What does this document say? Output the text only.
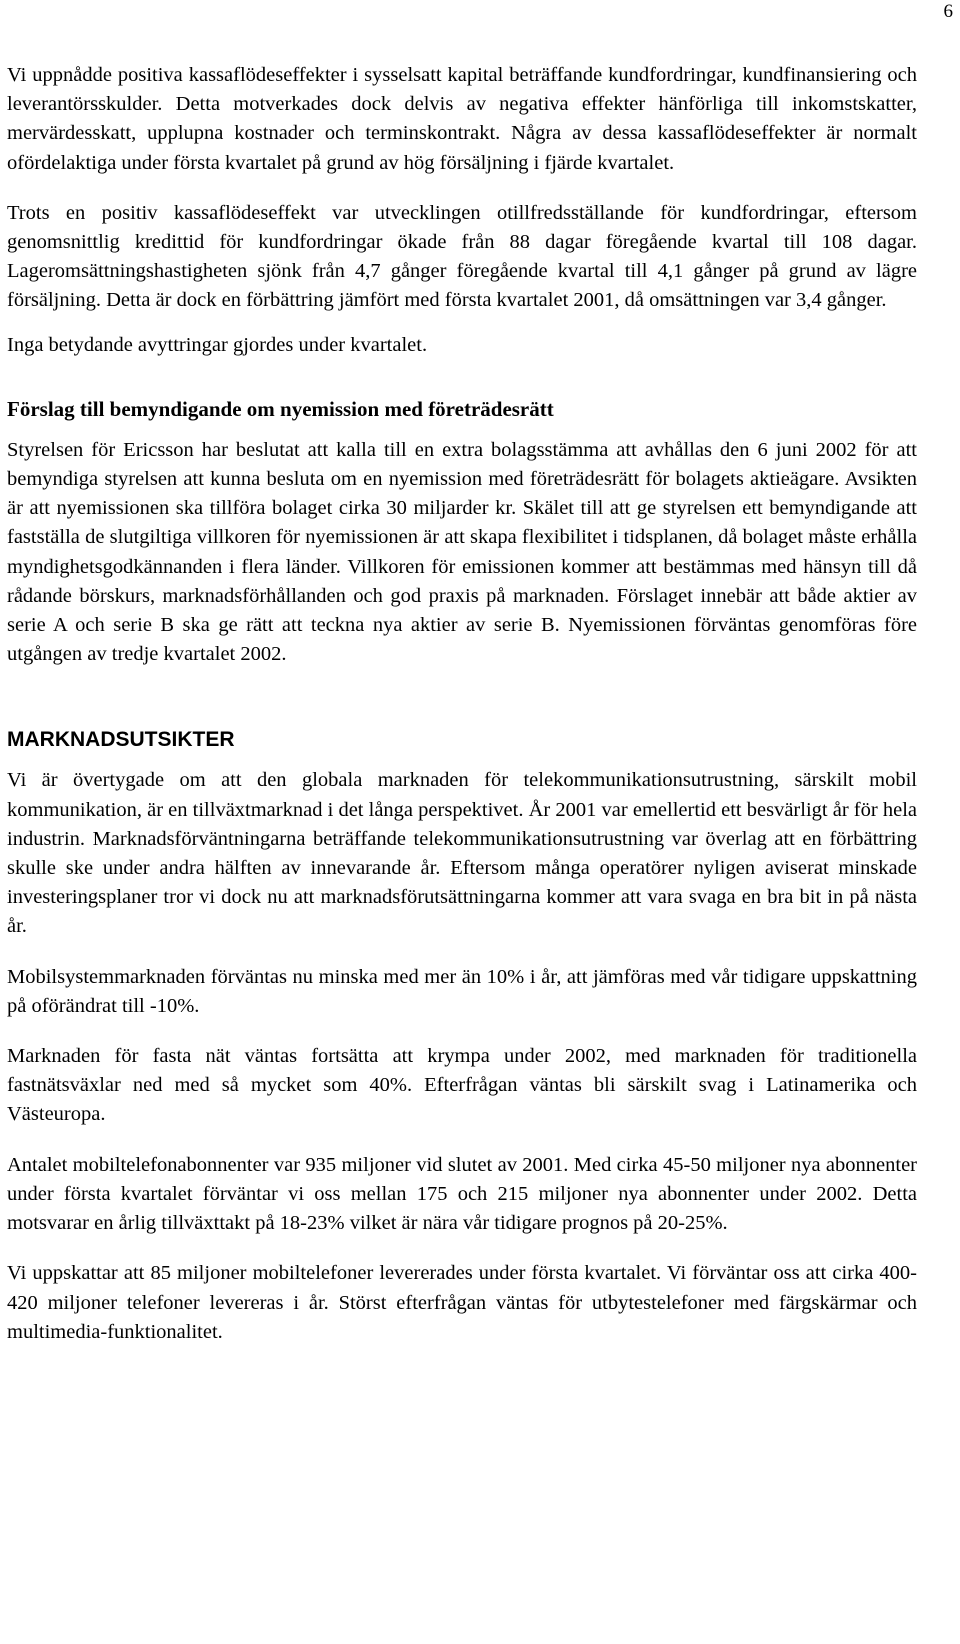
6

Vi uppnådde positiva kassaflödeseffekter i sysselsatt kapital beträffande kundfordringar, kundfinansiering och leverantörsskulder. Detta motverkades dock delvis av negativa effekter hänförliga till inkomstskatter, mervärdesskatt, upplupna kostnader och terminskontrakt. Några av dessa kassaflödeseffekter är normalt ofördelaktiga under första kvartalet på grund av hög försäljning i fjärde kvartalet.

Trots en positiv kassaflödeseffekt var utvecklingen otillfredsställande för kundfordringar, eftersom genomsnittlig kredittid för kundfordringar ökade från 88 dagar föregående kvartal till 108 dagar. Lageromsättningshastigheten sjönk från 4,7 gånger föregående kvartal till 4,1 gånger på grund av lägre försäljning. Detta är dock en förbättring jämfört med första kvartalet 2001, då omsättningen var 3,4 gånger.

Inga betydande avyttringar gjordes under kvartalet.

Förslag till bemyndigande om nyemission med företrädesrätt

Styrelsen för Ericsson har beslutat att kalla till en extra bolagsstämma att avhållas den 6 juni 2002 för att bemyndiga styrelsen att kunna besluta om en nyemission med företrädesrätt för bolagets aktieägare. Avsikten är att nyemissionen ska tillföra bolaget cirka 30 miljarder kr. Skälet till att ge styrelsen ett bemyndigande att fastställa de slutgiltiga villkoren för nyemissionen är att skapa flexibilitet i tidsplanen, då bolaget måste erhålla myndighetsgodkännanden i flera länder. Villkoren för emissionen kommer att bestämmas med hänsyn till då rådande börskurs, marknadsförhållanden och god praxis på marknaden. Förslaget innebär att både aktier av serie A och serie B ska ge rätt att teckna nya aktier av serie B. Nyemissionen förväntas genomföras före utgången av tredje kvartalet 2002.

MARKNADSUTSIKTER

Vi är övertygade om att den globala marknaden för telekommunikationsutrustning, särskilt mobil kommunikation, är en tillväxtmarknad i det långa perspektivet. År 2001 var emellertid ett besvärligt år för hela industrin. Marknadsförväntningarna beträffande telekommunikationsutrustning var överlag att en förbättring skulle ske under andra hälften av innevarande år. Eftersom många operatörer nyligen aviserat minskade investeringsplaner tror vi dock nu att marknadsförutsättningarna kommer att vara svaga en bra bit in på nästa år.

Mobilsystemmarknaden förväntas nu minska med mer än 10% i år, att jämföras med vår tidigare uppskattning på oförändrat till -10%.

Marknaden för fasta nät väntas fortsätta att krympa under 2002, med marknaden för traditionella fastnätsväxlar ned med så mycket som 40%. Efterfrågan väntas bli särskilt svag i Latinamerika och Västeuropa.

Antalet mobiltelefonabonnenter var 935 miljoner vid slutet av 2001. Med cirka 45-50 miljoner nya abonnenter under första kvartalet förväntar vi oss mellan 175 och 215 miljoner nya abonnenter under 2002. Detta motsvarar en årlig tillväxttakt på 18-23% vilket är nära vår tidigare prognos på 20-25%.

Vi uppskattar att 85 miljoner mobiltelefoner levererades under första kvartalet. Vi förväntar oss att cirka 400-420 miljoner telefoner levereras i år. Störst efterfrågan väntas för utbytestelefoner med färgskärmar och multimedia-funktionalitet.
